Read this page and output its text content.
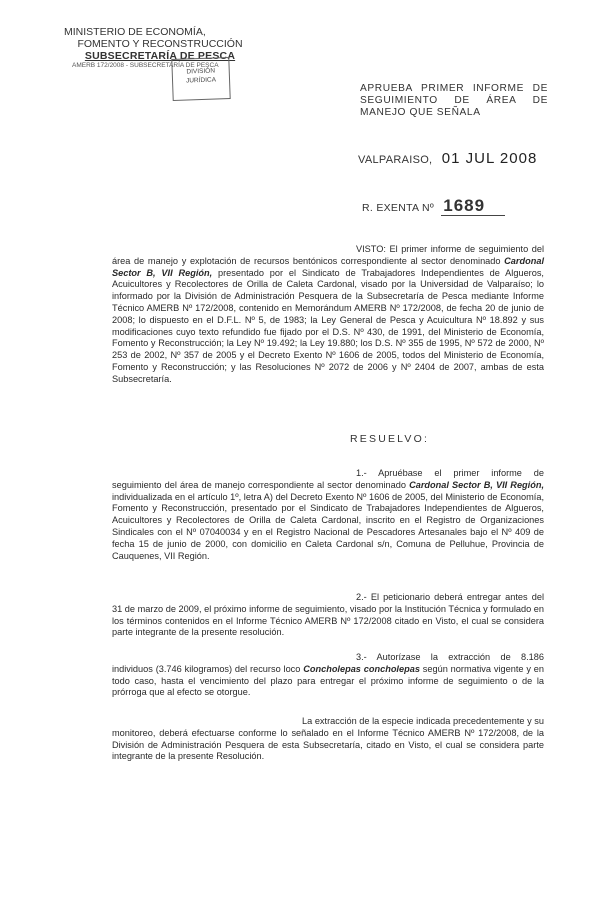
MINISTERIO DE ECONOMÍA,
FOMENTO Y RECONSTRUCCIÓN
SUBSECRETARÍA DE PESCA
AMERB 172/2008 - SUBSECRETARÍA DE PESCA
DIVISIÓN
JURÍDICA
APRUEBA PRIMER INFORME DE SEGUIMIENTO DE ÁREA DE MANEJO QUE SEÑALA
VALPARAISO, 01 JUL 2008
R. EXENTA Nº 1689

VISTO: El primer informe de seguimiento del área de manejo y explotación de recursos bentónicos correspondiente al sector denominado Cardonal Sector B, VII Región, presentado por el Sindicato de Trabajadores Independientes de Algueros, Acuicultores y Recolectores de Orilla de Caleta Cardonal, visado por la Universidad de Valparaíso; lo informado por la División de Administración Pesquera de la Subsecretaría de Pesca mediante Informe Técnico AMERB Nº 172/2008, contenido en Memorándum AMERB Nº 172/2008, de fecha 20 de junio de 2008; lo dispuesto en el D.F.L. Nº 5, de 1983; la Ley General de Pesca y Acuicultura Nº 18.892 y sus modificaciones cuyo texto refundido fue fijado por el D.S. Nº 430, de 1991, del Ministerio de Economía, Fomento y Reconstrucción; la Ley Nº 19.492; la Ley 19.880; los D.S. Nº 355 de 1995, Nº 572 de 2000, Nº 253 de 2002, Nº 357 de 2005 y el Decreto Exento Nº 1606 de 2005, todos del Ministerio de Economía, Fomento y Reconstrucción; y las Resoluciones Nº 2072 de 2006 y Nº 2404 de 2007, ambas de esta Subsecretaría.

RESUELVO:

1.- Apruébase el primer informe de seguimiento del área de manejo correspondiente al sector denominado Cardonal Sector B, VII Región, individualizada en el artículo 1º, letra A) del Decreto Exento Nº 1606 de 2005, del Ministerio de Economía, Fomento y Reconstrucción, presentado por el Sindicato de Trabajadores Independientes de Algueros, Acuicultores y Recolectores de Orilla de Caleta Cardonal, inscrito en el Registro de Organizaciones Sindicales con el Nº 07040034 y en el Registro Nacional de Pescadores Artesanales bajo el Nº 409 de fecha 15 de junio de 2000, con domicilio en Caleta Cardonal s/n, Comuna de Pelluhue, Provincia de Cauquenes, VII Región.

2.- El peticionario deberá entregar antes del 31 de marzo de 2009, el próximo informe de seguimiento, visado por la Institución Técnica y formulado en los términos contenidos en el Informe Técnico AMERB Nº 172/2008 citado en Visto, el cual se considera parte integrante de la presente resolución.

3.- Autorízase la extracción de 8.186 individuos (3.746 kilogramos) del recurso loco Concholepas concholepas según normativa vigente y en todo caso, hasta el vencimiento del plazo para entregar el próximo informe de seguimiento o de la prórroga que al efecto se otorgue.

La extracción de la especie indicada precedentemente y su monitoreo, deberá efectuarse conforme lo señalado en el Informe Técnico AMERB Nº 172/2008, de la División de Administración Pesquera de esta Subsecretaría, citado en Visto, el cual se considera parte integrante de la presente Resolución.
